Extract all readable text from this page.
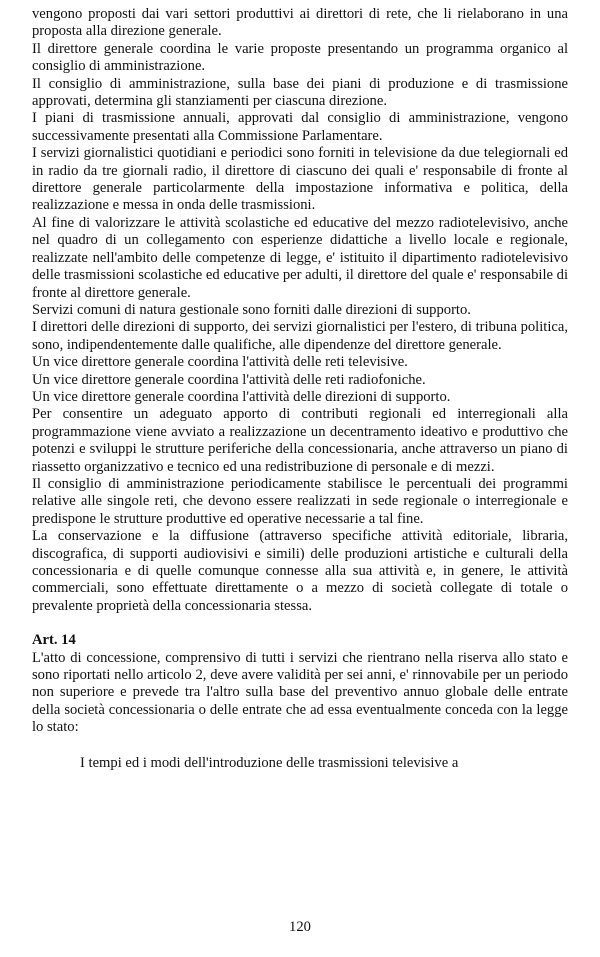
vengono proposti dai vari settori produttivi ai direttori di rete, che li rielaborano in una proposta alla direzione generale.

Il direttore generale coordina le varie proposte presentando un programma organico al consiglio di amministrazione.

Il consiglio di amministrazione, sulla base dei piani di produzione e di trasmissione approvati, determina gli stanziamenti per ciascuna direzione.

I piani di trasmissione annuali, approvati dal consiglio di amministrazione, vengono successivamente presentati alla Commissione Parlamentare.

I servizi giornalistici quotidiani e periodici sono forniti in televisione da due telegiornali ed in radio da tre giornali radio, il direttore di ciascuno dei quali e' responsabile di fronte al direttore generale particolarmente della impostazione informativa e politica, della realizzazione e messa in onda delle trasmissioni.

Al fine di valorizzare le attività scolastiche ed educative del mezzo radiotelevisivo, anche nel quadro di un collegamento con esperienze didattiche a livello locale e regionale, realizzate nell'ambito delle competenze di legge, e' istituito il dipartimento radiotelevisivo delle trasmissioni scolastiche ed educative per adulti, il direttore del quale e' responsabile di fronte al direttore generale.

Servizi comuni di natura gestionale sono forniti dalle direzioni di supporto.

I direttori delle direzioni di supporto, dei servizi giornalistici per l'estero, di tribuna politica, sono, indipendentemente dalle qualifiche, alle dipendenze del direttore generale.

Un vice direttore generale coordina l'attività delle reti televisive.

Un vice direttore generale coordina l'attività delle reti radiofoniche.

Un vice direttore generale coordina l'attività delle direzioni di supporto.

Per consentire un adeguato apporto di contributi regionali ed interregionali alla programmazione viene avviato a realizzazione un decentramento ideativo e produttivo che potenzi e sviluppi le strutture periferiche della concessionaria, anche attraverso un piano di riassetto organizzativo e tecnico ed una redistribuzione di personale e di mezzi.

Il consiglio di amministrazione periodicamente stabilisce le percentuali dei programmi relative alle singole reti, che devono essere realizzati in sede regionale o interregionale e predispone le strutture produttive ed operative necessarie a tal fine.

La conservazione e la diffusione (attraverso specifiche attività editoriale, libraria, discografica, di supporti audiovisivi e simili) delle produzioni artistiche e culturali della concessionaria e di quelle comunque connesse alla sua attività e, in genere, le attività commerciali, sono effettuate direttamente o a mezzo di società collegate di totale o prevalente proprietà della concessionaria stessa.

Art. 14

L'atto di concessione, comprensivo di tutti i servizi che rientrano nella riserva allo stato e sono riportati nello articolo 2, deve avere validità per sei anni, e' rinnovabile per un periodo non superiore e prevede tra l'altro sulla base del preventivo annuo globale delle entrate della società concessionaria o delle entrate che ad essa eventualmente conceda con la legge lo stato:

I tempi ed i modi dell'introduzione delle trasmissioni televisive a

120
